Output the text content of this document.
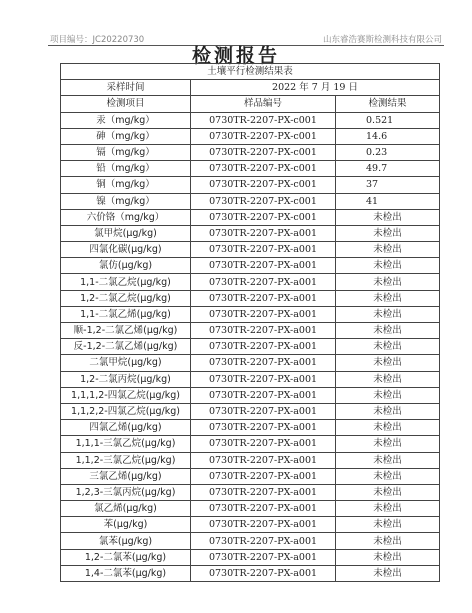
项目编号：JC20220730	山东睿浩赛斯检测科技有限公司
检测报告
土壤平行检测结果表		
采样时间	2022 年 7 月 19 日	
检测项目	样品编号	检测结果
汞（mg/kg）	0730TR-2207-PX-c001	0.521
砷（mg/kg）	0730TR-2207-PX-c001	14.6
镉（mg/kg）	0730TR-2207-PX-c001	0.23
铅（mg/kg）	0730TR-2207-PX-c001	49.7
铜（mg/kg）	0730TR-2207-PX-c001	37
镍（mg/kg）	0730TR-2207-PX-c001	41
六价铬（mg/kg）	0730TR-2207-PX-c001	未检出
氯甲烷(μg/kg)	0730TR-2207-PX-a001	未检出
四氯化碳(μg/kg)	0730TR-2207-PX-a001	未检出
氯仿(μg/kg)	0730TR-2207-PX-a001	未检出
1,1-二氯乙烷(μg/kg)	0730TR-2207-PX-a001	未检出
1,2-二氯乙烷(μg/kg)	0730TR-2207-PX-a001	未检出
1,1-二氯乙烯(μg/kg)	0730TR-2207-PX-a001	未检出
顺-1,2-二氯乙烯(μg/kg)	0730TR-2207-PX-a001	未检出
反-1,2-二氯乙烯(μg/kg)	0730TR-2207-PX-a001	未检出
二氯甲烷(μg/kg)	0730TR-2207-PX-a001	未检出
1,2-二氯丙烷(μg/kg)	0730TR-2207-PX-a001	未检出
1,1,1,2-四氯乙烷(μg/kg)	0730TR-2207-PX-a001	未检出
1,1,2,2-四氯乙烷(μg/kg)	0730TR-2207-PX-a001	未检出
四氯乙烯(μg/kg)	0730TR-2207-PX-a001	未检出
1,1,1-三氯乙烷(μg/kg)	0730TR-2207-PX-a001	未检出
1,1,2-三氯乙烷(μg/kg)	0730TR-2207-PX-a001	未检出
三氯乙烯(μg/kg)	0730TR-2207-PX-a001	未检出
1,2,3-三氯丙烷(μg/kg)	0730TR-2207-PX-a001	未检出
氯乙烯(μg/kg)	0730TR-2207-PX-a001	未检出
苯(μg/kg)	0730TR-2207-PX-a001	未检出
氯苯(μg/kg)	0730TR-2207-PX-a001	未检出
1,2-二氯苯(μg/kg)	0730TR-2207-PX-a001	未检出
1,4-二氯苯(μg/kg)	0730TR-2207-PX-a001	未检出
